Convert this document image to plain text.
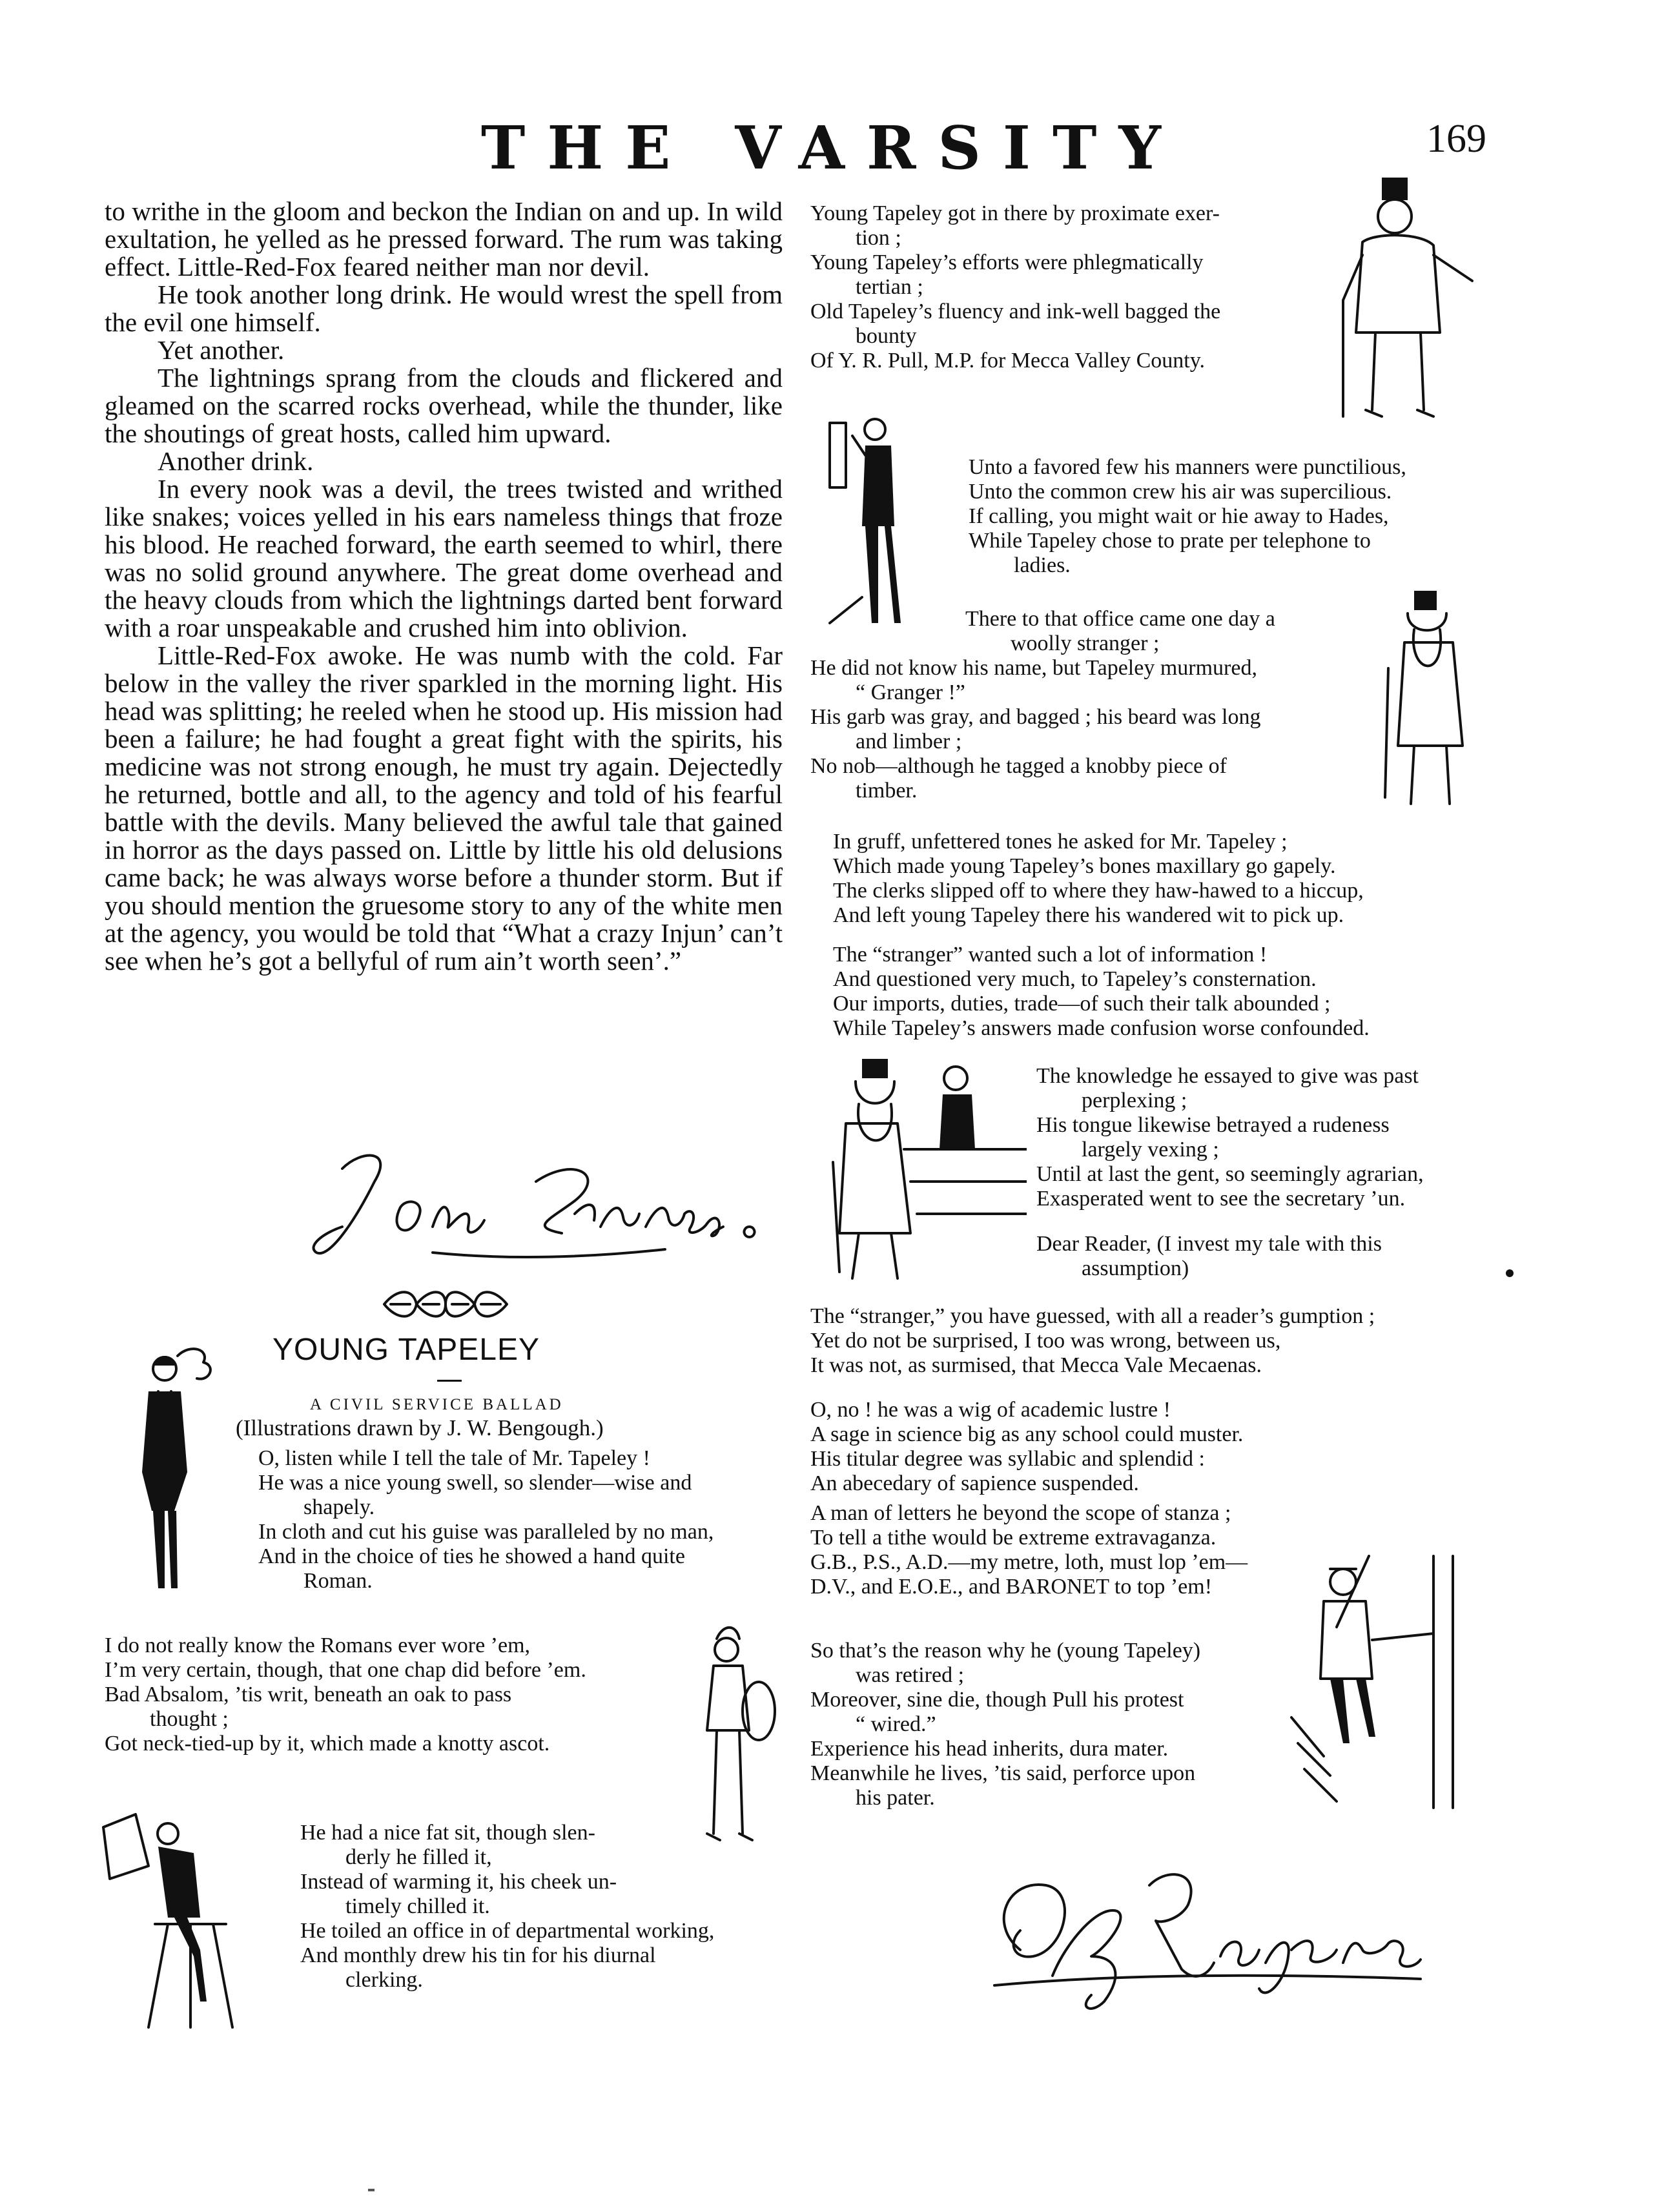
THE VARSITY	169

to writhe in the gloom and beckon the Indian on and up. In wild exultation, he yelled as he pressed forward. The rum was taking effect. Little-Red-Fox feared neither man nor devil.

He took another long drink. He would wrest the spell from the evil one himself.

Yet another.

The lightnings sprang from the clouds and flickered and gleamed on the scarred rocks overhead, while the thunder, like the shoutings of great hosts, called him upward.

Another drink.

In every nook was a devil, the trees twisted and writhed like snakes; voices yelled in his ears nameless things that froze his blood. He reached forward, the earth seemed to whirl, there was no solid ground anywhere. The great dome overhead and the heavy clouds from which the lightnings darted bent forward with a roar unspeakable and crushed him into oblivion.

Little-Red-Fox awoke. He was numb with the cold. Far below in the valley the river sparkled in the morning light. His head was splitting; he reeled when he stood up. His mission had been a failure; he had fought a great fight with the spirits, his medicine was not strong enough, he must try again. Dejectedly he returned, bottle and all, to the agency and told of his fearful battle with the devils. Many believed the awful tale that gained in horror as the days passed on. Little by little his old delusions came back; he was always worse before a thunder storm. But if you should mention the gruesome story to any of the white men at the agency, you would be told that “What a crazy Injun’ can’t see when he’s got a bellyful of rum ain’t worth seen’.”

YOUNG TAPELEY
A CIVIL SERVICE BALLAD
(Illustrations drawn by J. W. Bengough.)
O, listen while I tell the tale of Mr. Tapeley !
He was a nice young swell, so slender—wise and
shapely.
In cloth and cut his guise was paralleled by no man,
And in the choice of ties he showed a hand quite
Roman.
I do not really know the Romans ever wore ’em,
I’m very certain, though, that one chap did before ’em.
Bad Absalom, ’tis writ, beneath an oak to pass
thought ;
Got neck-tied-up by it, which made a knotty ascot.
He had a nice fat sit, though slen-
derly he filled it,
Instead of warming it, his cheek un-
timely chilled it.
He toiled an office in of departmental working,
And monthly drew his tin for his diurnal
clerking.
Young Tapeley got in there by proximate exer-
tion ;
Young Tapeley’s efforts were phlegmatically
tertian ;
Old Tapeley’s fluency and ink-well bagged the
bounty
Of Y. R. Pull, M.P. for Mecca Valley County.
Unto a favored few his manners were punctilious,
Unto the common crew his air was supercilious.
If calling, you might wait or hie away to Hades,
While Tapeley chose to prate per telephone to
ladies.
There to that office came one day a
woolly stranger ;
He did not know his name, but Tapeley murmured,
“ Granger !”
His garb was gray, and bagged ; his beard was long
and limber ;
No nob—although he tagged a knobby piece of
timber.
In gruff, unfettered tones he asked for Mr. Tapeley ;
Which made young Tapeley’s bones maxillary go gapely.
The clerks slipped off to where they haw-hawed to a hiccup,
And left young Tapeley there his wandered wit to pick up.
The “stranger” wanted such a lot of information !
And questioned very much, to Tapeley’s consternation.
Our imports, duties, trade—of such their talk abounded ;
While Tapeley’s answers made confusion worse confounded.
The knowledge he essayed to give was past
perplexing ;
His tongue likewise betrayed a rudeness
largely vexing ;
Until at last the gent, so seemingly agrarian,
Exasperated went to see the secretary ’un.
Dear Reader, (I invest my tale with this
assumption)
The “stranger,” you have guessed, with all a reader’s gumption ;
Yet do not be surprised, I too was wrong, between us,
It was not, as surmised, that Mecca Vale Mecaenas.
O, no ! he was a wig of academic lustre !
A sage in science big as any school could muster.
His titular degree was syllabic and splendid :
An abecedary of sapience suspended.
A man of letters he beyond the scope of stanza ;
To tell a tithe would be extreme extravaganza.
G.B., P.S., A.D.—my metre, loth, must lop ’em—
D.V., and E.O.E., and BARONET to top ’em!
So that’s the reason why he (young Tapeley)
was retired ;
Moreover, sine die, though Pull his protest
“ wired.”
Experience his head inherits, dura mater.
Meanwhile he lives, ’tis said, perforce upon
his pater.
